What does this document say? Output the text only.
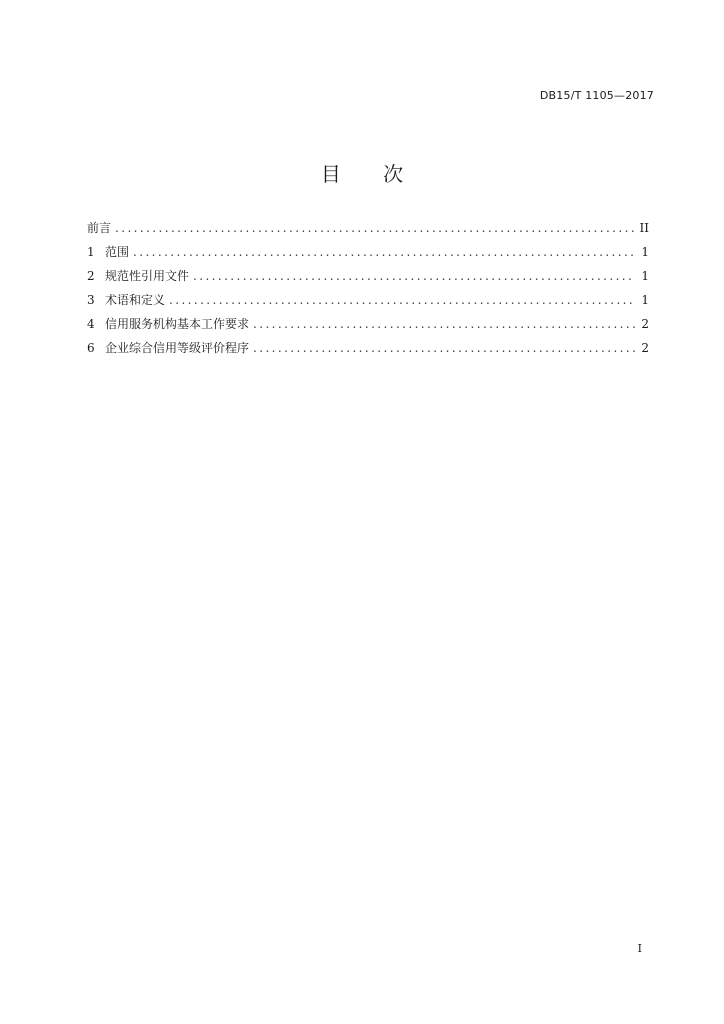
DB15/T 1105—2017
目 次
前言 .....	II
1 范围 .....	1
2 规范性引用文件 .....	1
3 术语和定义 .....	1
4 信用服务机构基本工作要求 .....	2
6 企业综合信用等级评价程序 .....	2
I
